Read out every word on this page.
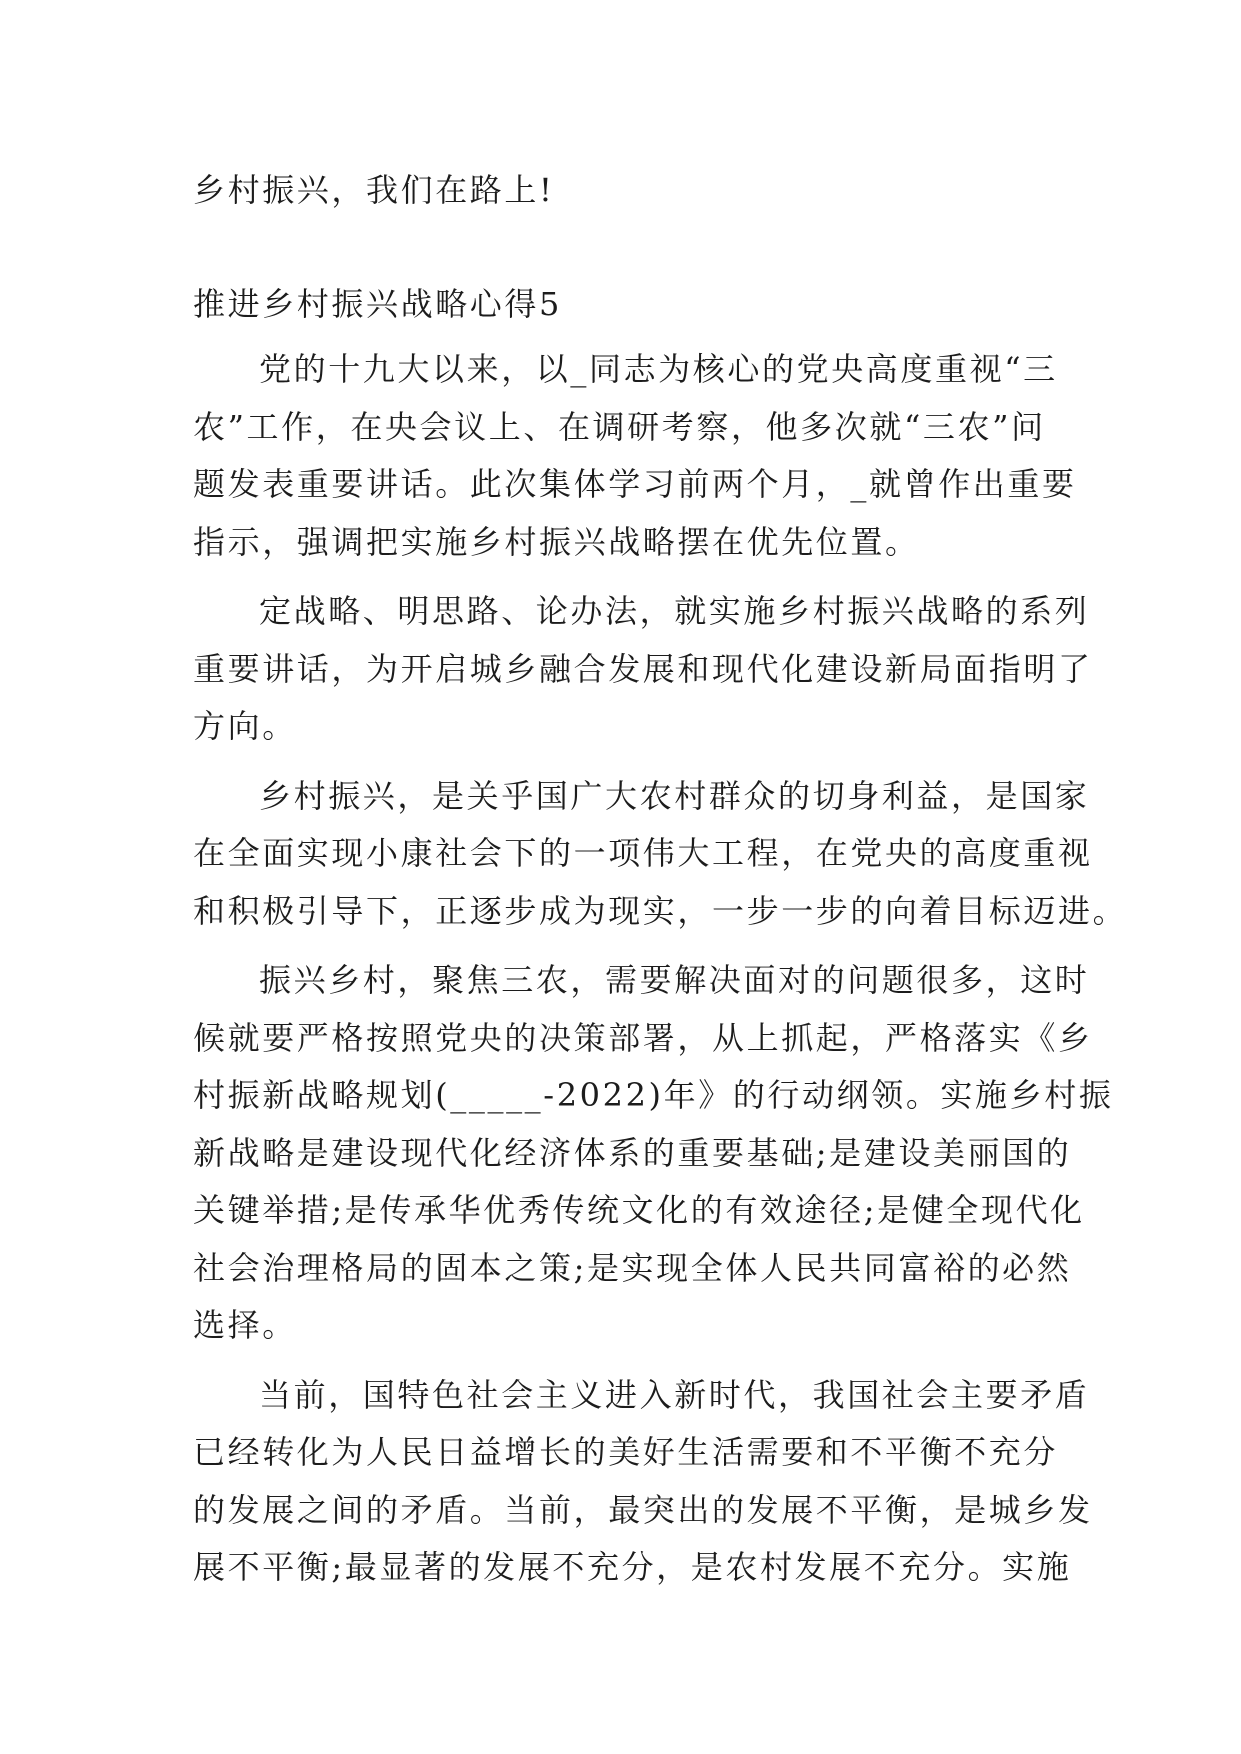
乡村振兴，我们在路上!
推进乡村振兴战略心得5
党的十九大以来，以_同志为核心的党央高度重视“三
农”工作，在央会议上、在调研考察，他多次就“三农”问
题发表重要讲话。此次集体学习前两个月，_就曾作出重要
指示，强调把实施乡村振兴战略摆在优先位置。
定战略、明思路、论办法，就实施乡村振兴战略的系列
重要讲话，为开启城乡融合发展和现代化建设新局面指明了
方向。
乡村振兴，是关乎国广大农村群众的切身利益，是国家
在全面实现小康社会下的一项伟大工程，在党央的高度重视
和积极引导下，正逐步成为现实，一步一步的向着目标迈进。
振兴乡村，聚焦三农，需要解决面对的问题很多，这时
候就要严格按照党央的决策部署，从上抓起，严格落实《乡
村振新战略规划(_____-2022)年》的行动纲领。实施乡村振
新战略是建设现代化经济体系的重要基础;是建设美丽国的
关键举措;是传承华优秀传统文化的有效途径;是健全现代化
社会治理格局的固本之策;是实现全体人民共同富裕的必然
选择。
当前，国特色社会主义进入新时代，我国社会主要矛盾
已经转化为人民日益增长的美好生活需要和不平衡不充分
的发展之间的矛盾。当前，最突出的发展不平衡，是城乡发
展不平衡;最显著的发展不充分，是农村发展不充分。实施
